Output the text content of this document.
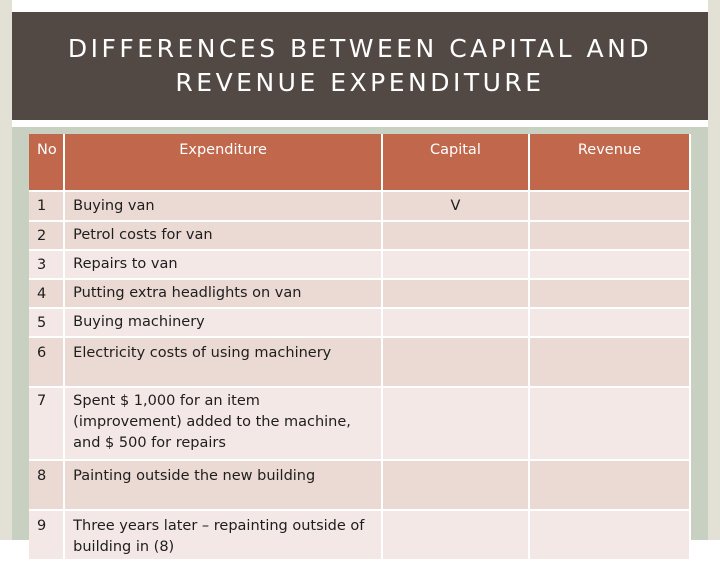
DIFFERENCES BETWEEN CAPITAL AND REVENUE EXPENDITURE
No	Expenditure	Capital	Revenue
1	Buying van	V	
2	Petrol costs for van		
3	Repairs to van		
4	Putting extra headlights on van		
5	Buying machinery		
6	Electricity costs of using machinery		
7	Spent $ 1,000 for an item (improvement) added to the machine, and $ 500 for repairs		
8	Painting outside the new building		
9	Three years later – repainting outside of building in (8)		
